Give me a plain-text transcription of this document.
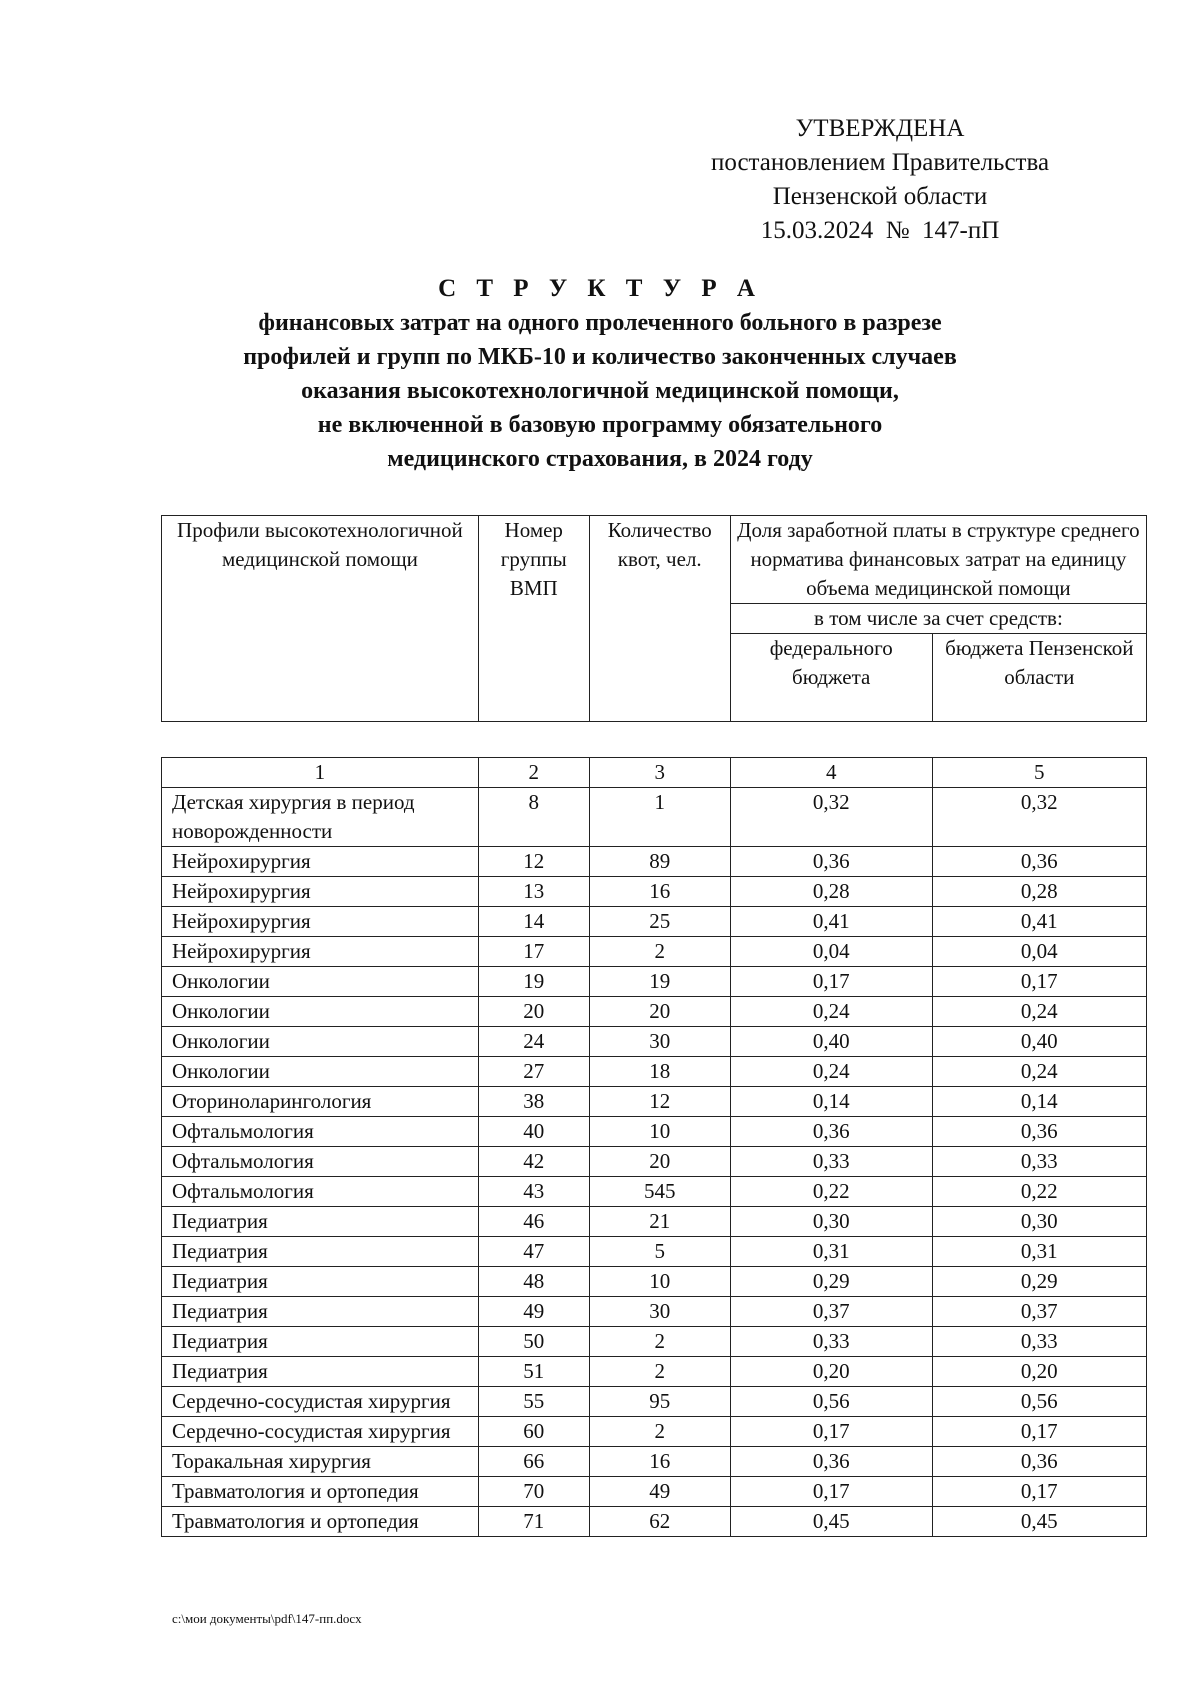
УТВЕРЖДЕНА
постановлением Правительства
Пензенской области
15.03.2024  №  147-пП
С Т Р У К Т У Р А
финансовых затрат на одного пролеченного больного в разрезе
профилей и групп по МКБ-10 и количество законченных случаев
оказания высокотехнологичной медицинской помощи,
не включенной в базовую программу обязательного
медицинского страхования, в 2024 году
Профили высокотехнологичной медицинской помощи	Номер группы ВМП	Количество квот, чел.	Доля заработной платы в структуре среднего норматива финансовых затрат на единицу объема медицинской помощи	
			в том числе за счет средств:	
			федерального бюджета	бюджета Пензенской области
1	2	3	4	5
Детская хирургия в период новорожденности	8	1	0,32	0,32
Нейрохирургия	12	89	0,36	0,36
Нейрохирургия	13	16	0,28	0,28
Нейрохирургия	14	25	0,41	0,41
Нейрохирургия	17	2	0,04	0,04
Онкологии	19	19	0,17	0,17
Онкологии	20	20	0,24	0,24
Онкологии	24	30	0,40	0,40
Онкологии	27	18	0,24	0,24
Оториноларингология	38	12	0,14	0,14
Офтальмология	40	10	0,36	0,36
Офтальмология	42	20	0,33	0,33
Офтальмология	43	545	0,22	0,22
Педиатрия	46	21	0,30	0,30
Педиатрия	47	5	0,31	0,31
Педиатрия	48	10	0,29	0,29
Педиатрия	49	30	0,37	0,37
Педиатрия	50	2	0,33	0,33
Педиатрия	51	2	0,20	0,20
Сердечно-сосудистая хирургия	55	95	0,56	0,56
Сердечно-сосудистая хирургия	60	2	0,17	0,17
Торакальная хирургия	66	16	0,36	0,36
Травматология и ортопедия	70	49	0,17	0,17
Травматология и ортопедия	71	62	0,45	0,45
c:\мои документы\pdf\147-пп.docx
